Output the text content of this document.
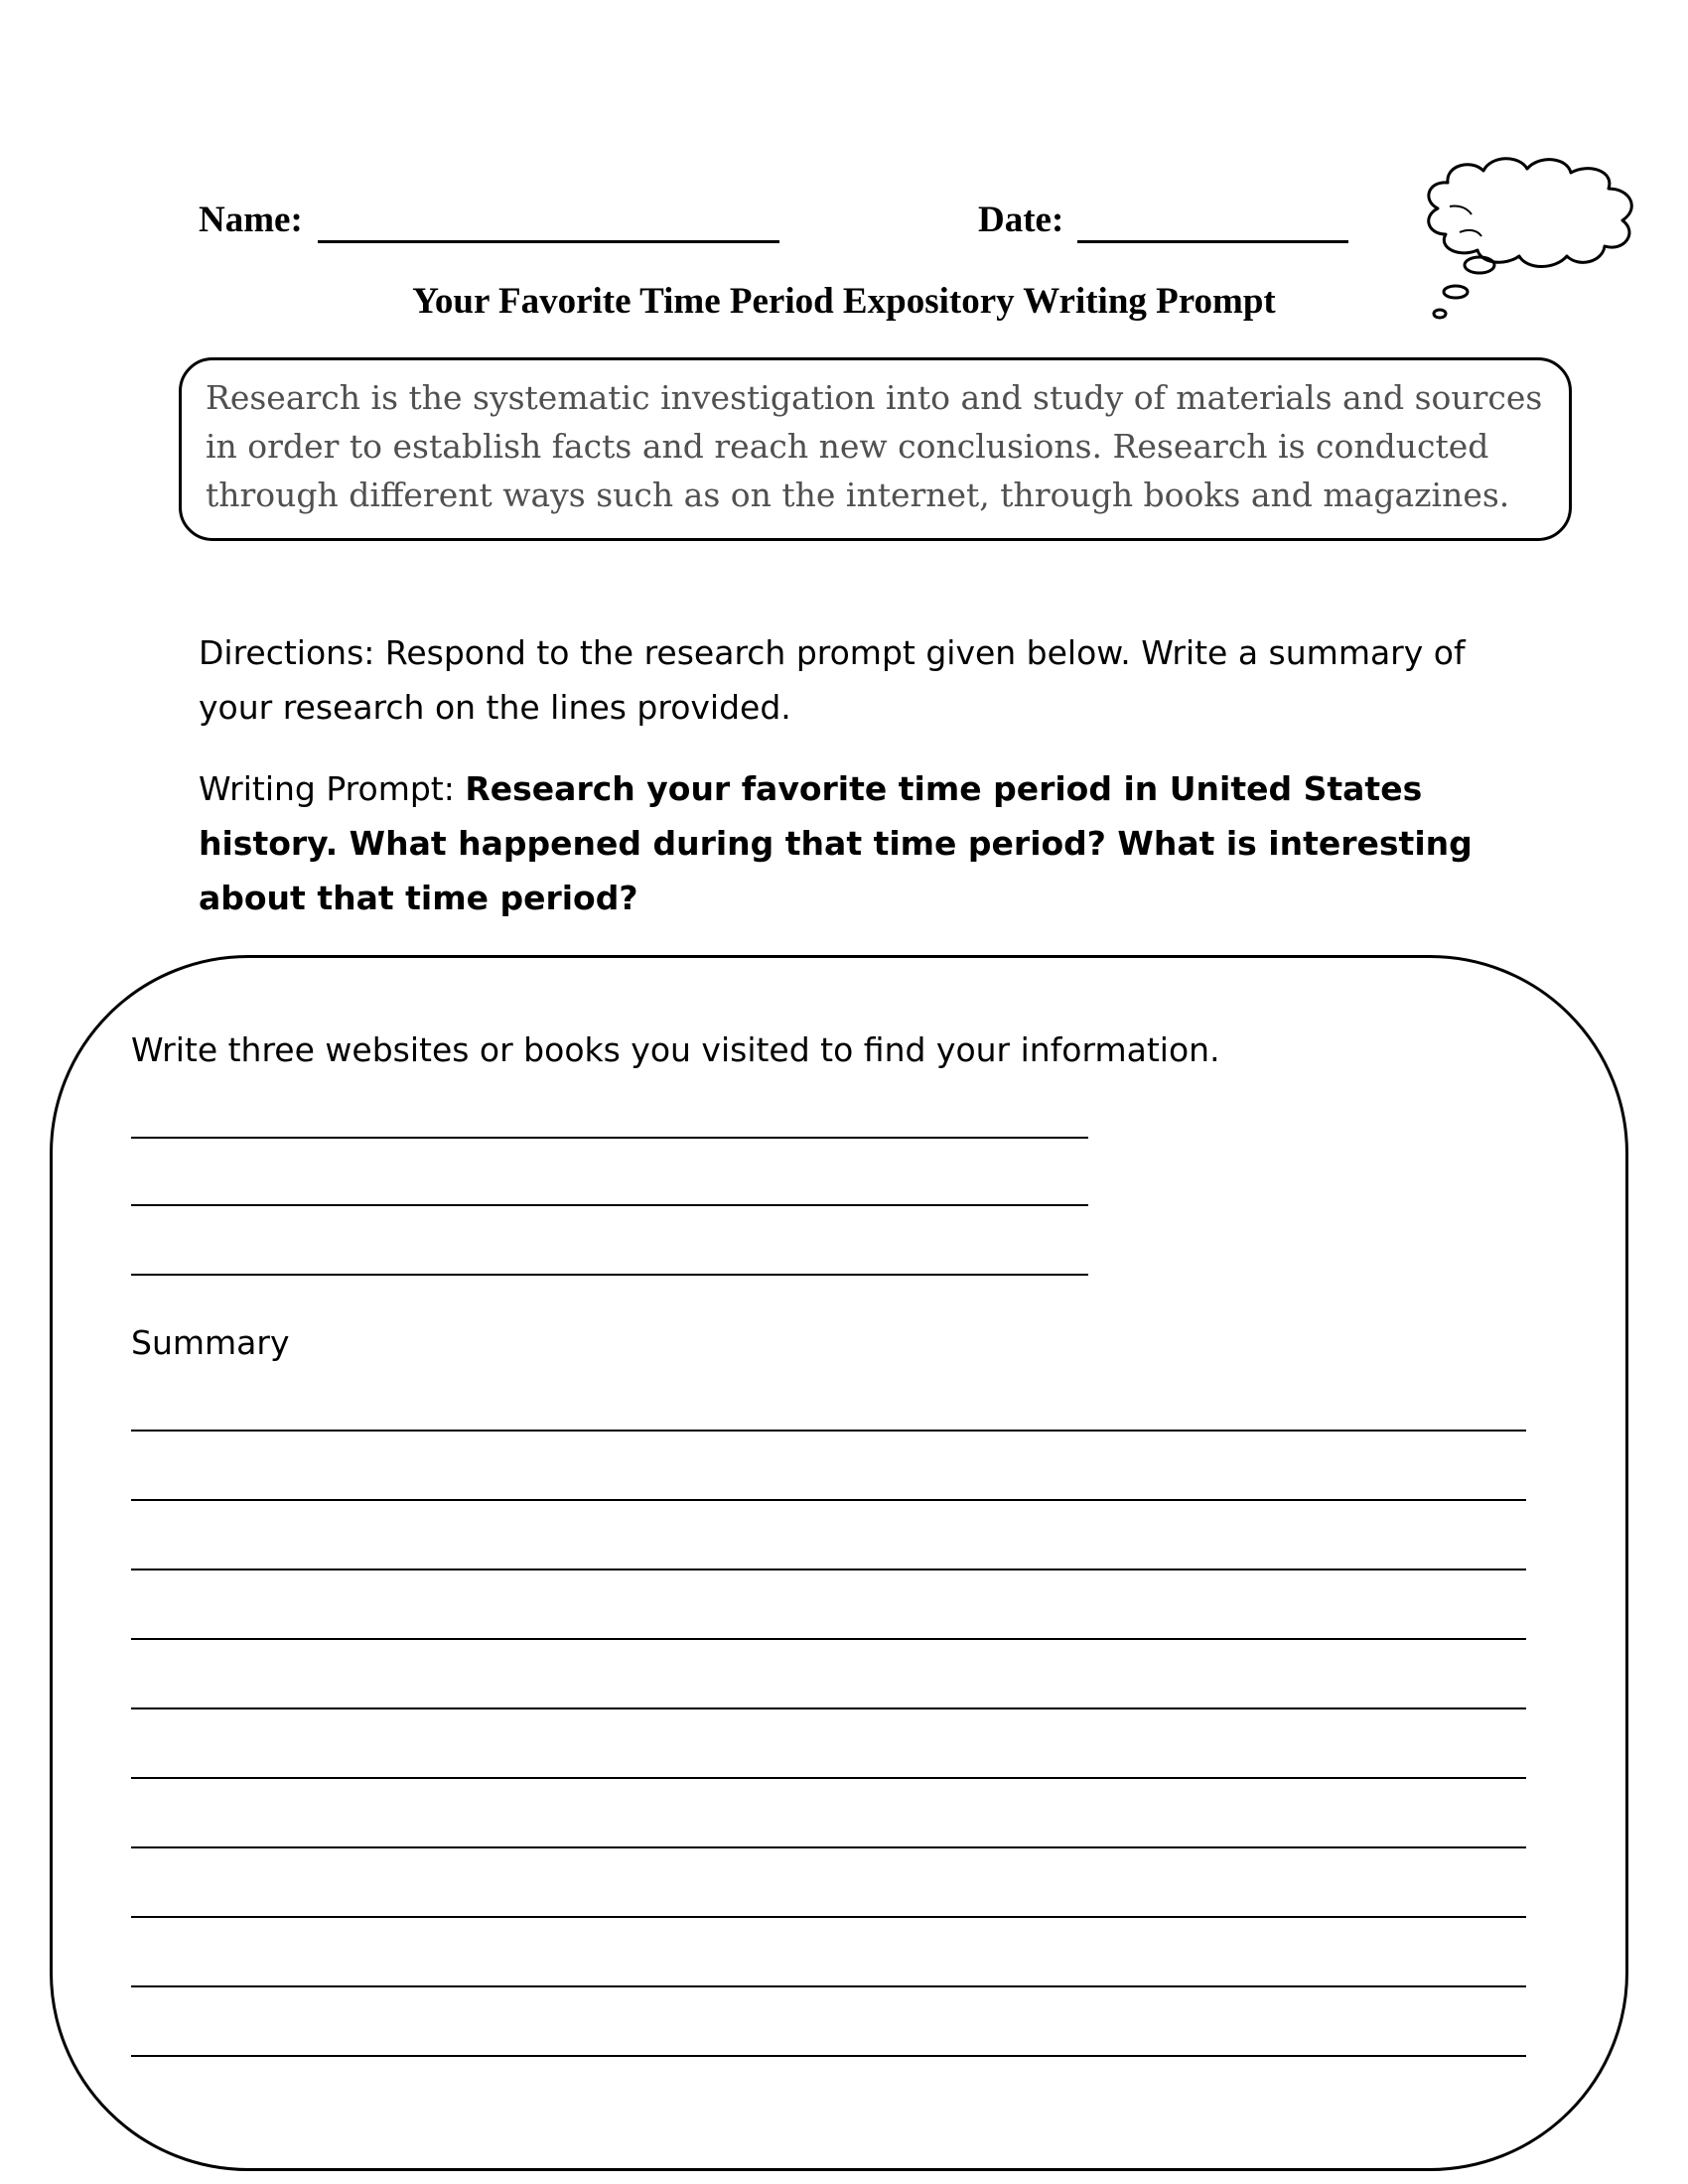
Name:	Date:
Your Favorite Time Period Expository Writing Prompt
Research is the systematic investigation into and study of materials and sources in order to establish facts and reach new conclusions. Research is conducted through different ways such as on the internet, through books and magazines.
Directions: Respond to the research prompt given below. Write a summary of your research on the lines provided.
Writing Prompt: Research your favorite time period in United States history. What happened during that time period? What is interesting about that time period?
Write three websites or books you visited to find your information.
Summary
